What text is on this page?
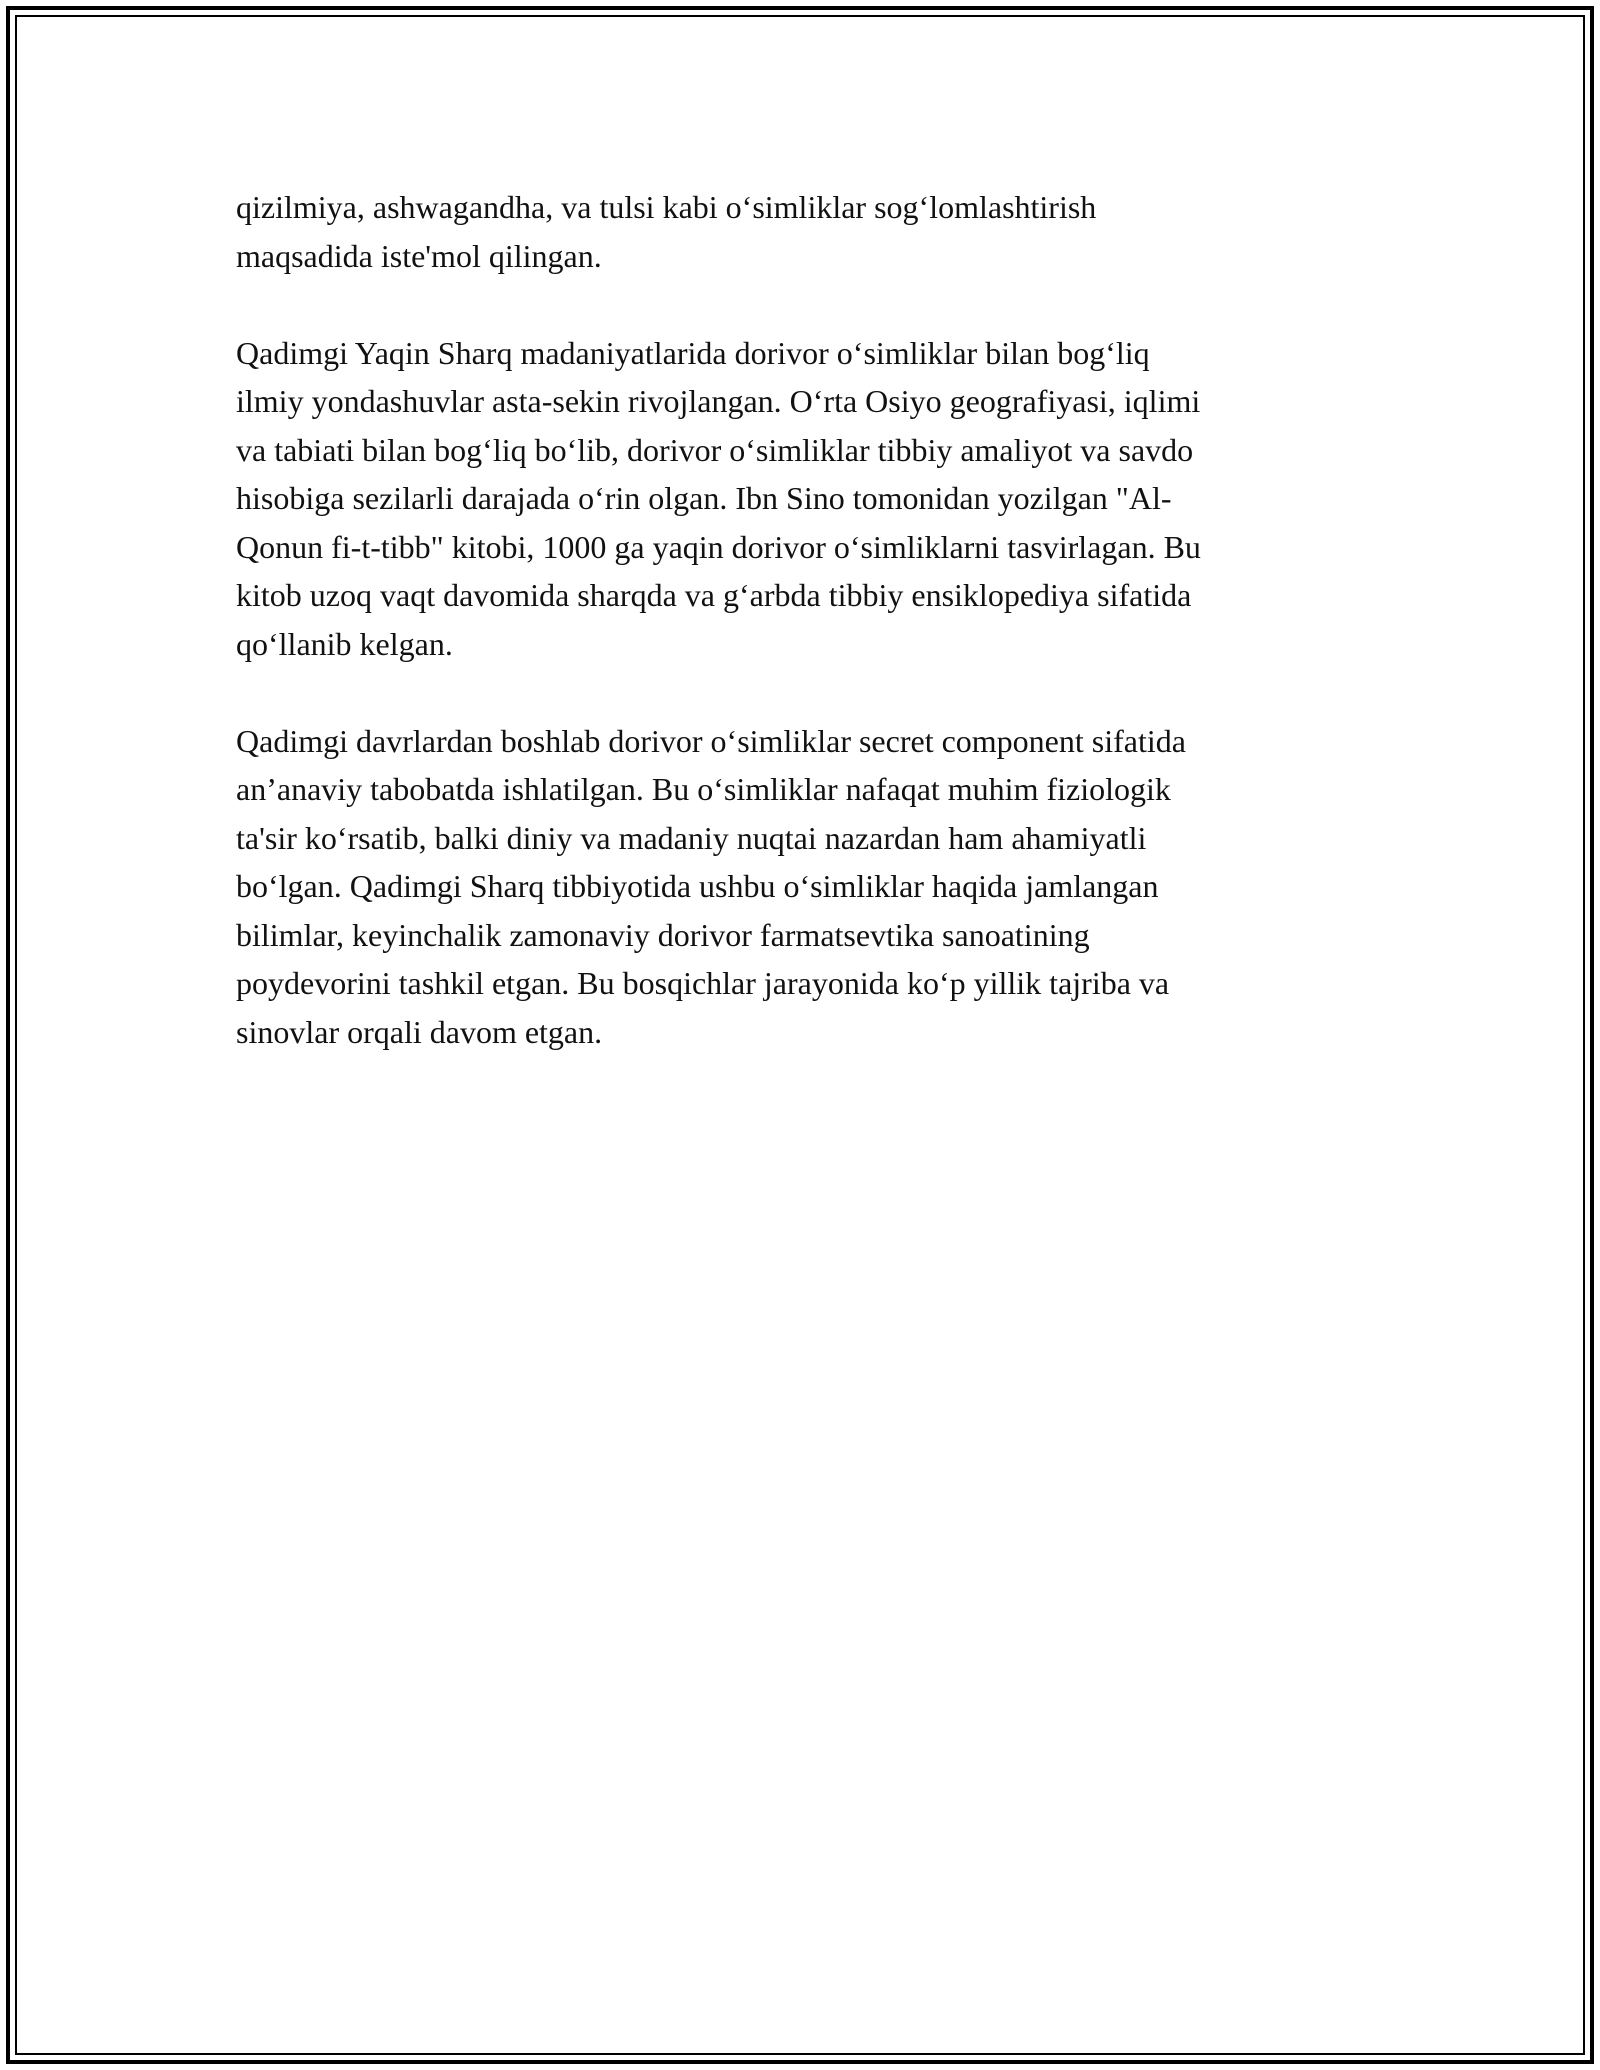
qizilmiya, ashwagandha, va tulsi kabi o‘simliklar sog‘lomlashtirish
maqsadida iste'mol qilingan.

Qadimgi Yaqin Sharq madaniyatlarida dorivor o‘simliklar bilan bog‘liq
ilmiy yondashuvlar asta-sekin rivojlangan. O‘rta Osiyo geografiyasi, iqlimi
va tabiati bilan bog‘liq bo‘lib, dorivor o‘simliklar tibbiy amaliyot va savdo
hisobiga sezilarli darajada o‘rin olgan. Ibn Sino tomonidan yozilgan "Al-
Qonun fi-t-tibb" kitobi, 1000 ga yaqin dorivor o‘simliklarni tasvirlagan. Bu
kitob uzoq vaqt davomida sharqda va g‘arbda tibbiy ensiklopediya sifatida
qo‘llanib kelgan.

Qadimgi davrlardan boshlab dorivor o‘simliklar secret component sifatida
an’anaviy tabobatda ishlatilgan. Bu o‘simliklar nafaqat muhim fiziologik
ta'sir ko‘rsatib, balki diniy va madaniy nuqtai nazardan ham ahamiyatli
bo‘lgan. Qadimgi Sharq tibbiyotida ushbu o‘simliklar haqida jamlangan
bilimlar, keyinchalik zamonaviy dorivor farmatsevtika sanoatining
poydevorini tashkil etgan. Bu bosqichlar jarayonida ko‘p yillik tajriba va
sinovlar orqali davom etgan.
